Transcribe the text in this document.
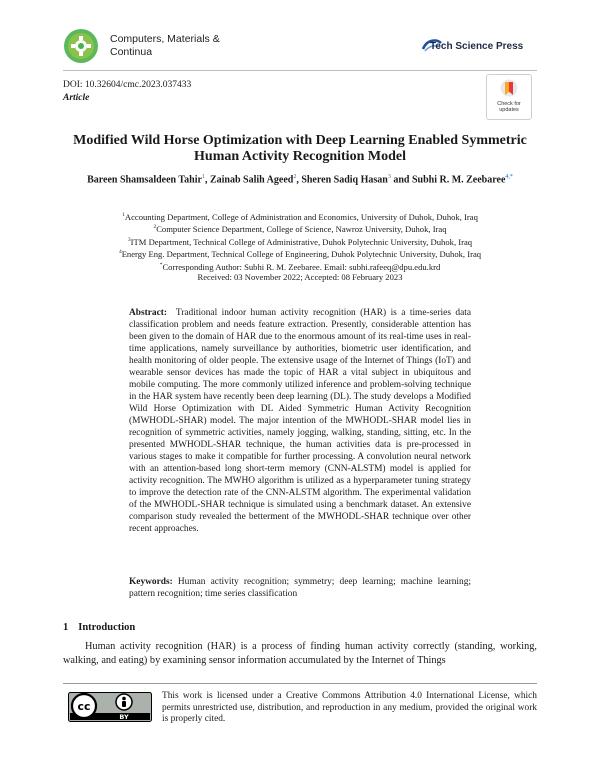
Computers, Materials & Continua	Tech Science Press
DOI: 10.32604/cmc.2023.037433
Article
Check for updates
Modified Wild Horse Optimization with Deep Learning Enabled Symmetric Human Activity Recognition Model
Bareen Shamsaldeen Tahir$^1$, Zainab Salih Ageed$^2$, Sheren Sadiq Hasan$^3$ and Subhi R. M. Zeebaree$^{4,*}$
$^1$Accounting Department, College of Administration and Economics, University of Duhok, Duhok, Iraq
$^2$Computer Science Department, College of Science, Nawroz University, Duhok, Iraq
$^3$ITM Department, Technical College of Administrative, Duhok Polytechnic University, Duhok, Iraq
$^4$Energy Eng. Department, Technical College of Engineering, Duhok Polytechnic University, Duhok, Iraq
*Corresponding Author: Subhi R. M. Zeebaree. Email: subhi.rafeeq@dpu.edu.krd
Received: 03 November 2022; Accepted: 08 February 2023
Abstract: Traditional indoor human activity recognition (HAR) is a time-series data classification problem and needs feature extraction. Presently, considerable attention has been given to the domain of HAR due to the enormous amount of its real-time uses in real-time applications, namely surveillance by authorities, biometric user identification, and health monitoring of older people. The extensive usage of the Internet of Things (IoT) and wearable sensor devices has made the topic of HAR a vital subject in ubiquitous and mobile computing. The more commonly utilized inference and problem-solving technique in the HAR system have recently been deep learning (DL). The study develops a Modified Wild Horse Optimization with DL Aided Symmetric Human Activity Recognition (MWHODL-SHAR) model. The major intention of the MWHODL-SHAR model lies in recognition of symmetric activities, namely jogging, walking, standing, sitting, etc. In the presented MWHODL-SHAR technique, the human activities data is pre-processed in various stages to make it compatible for further processing. A convolution neural network with an attention-based long short-term memory (CNN-ALSTM) model is applied for activity recognition. The MWHO algorithm is utilized as a hyperparameter tuning strategy to improve the detection rate of the CNN-ALSTM algorithm. The experimental validation of the MWHODL-SHAR technique is simulated using a benchmark dataset. An extensive comparison study revealed the betterment of the MWHODL-SHAR technique over other recent approaches.
Keywords: Human activity recognition; symmetry; deep learning; machine learning; pattern recognition; time series classification
1 Introduction
Human activity recognition (HAR) is a process of finding human activity correctly (standing, working, walking, and eating) by examining sensor information accumulated by the Internet of Things
cc
BY
This work is licensed under a Creative Commons Attribution 4.0 International License, which permits unrestricted use, distribution, and reproduction in any medium, provided the original work is properly cited.
